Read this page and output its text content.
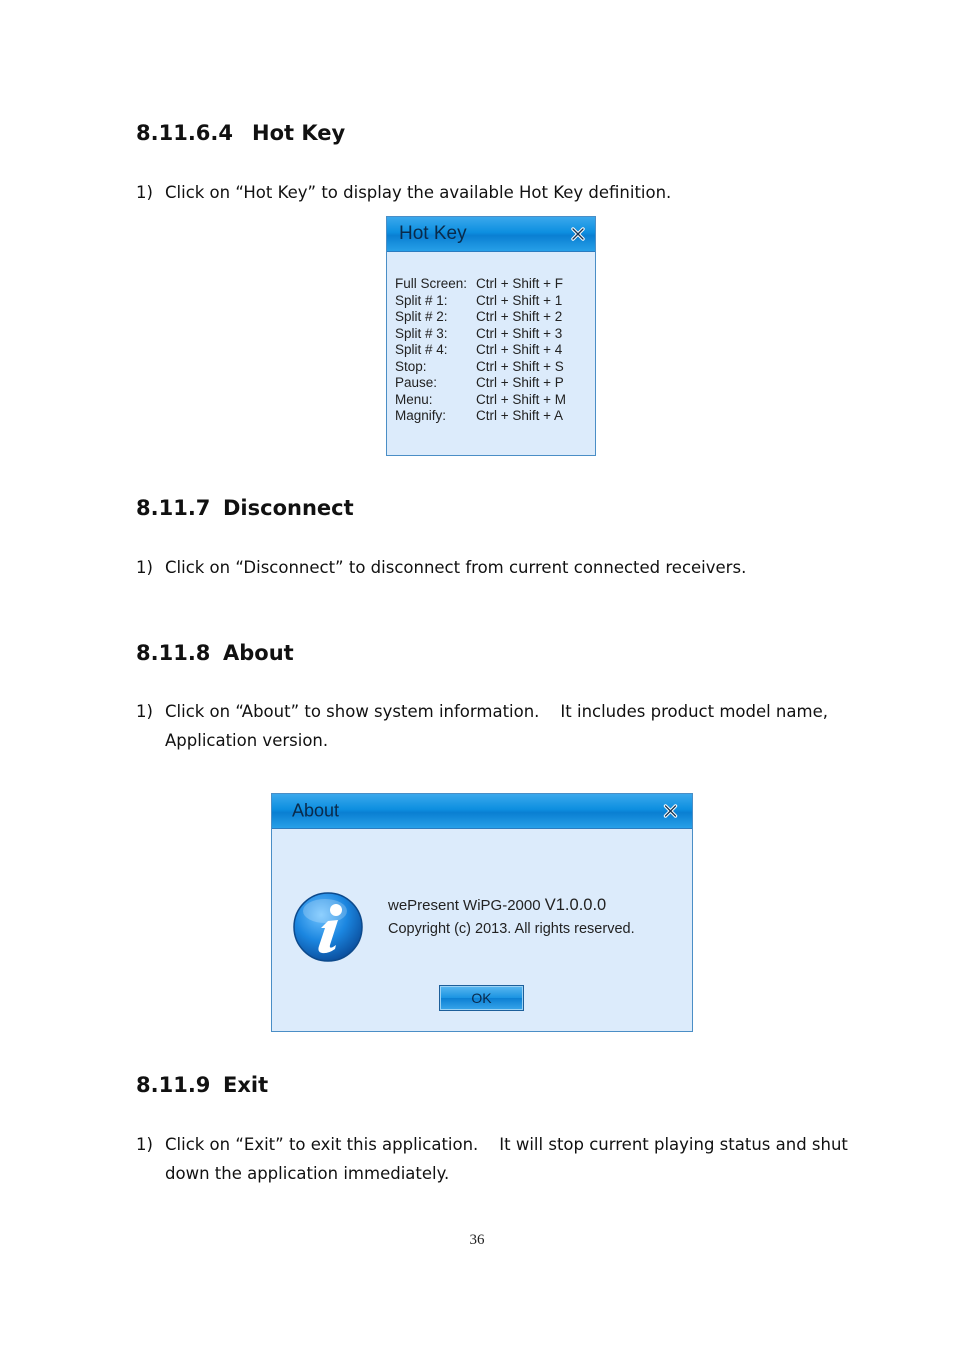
8.11.6.4 Hot Key
1) Click on “Hot Key” to display the available Hot Key definition.
Hot Key
Full Screen: Ctrl + Shift + F
Split # 1: Ctrl + Shift + 1
Split # 2: Ctrl + Shift + 2
Split # 3: Ctrl + Shift + 3
Split # 4: Ctrl + Shift + 4
Stop:	Ctrl + Shift + S
Pause:	Ctrl + Shift + P
Menu:	Ctrl + Shift + M
Magnify: Ctrl + Shift + A
8.11.7 Disconnect
1) Click on “Disconnect” to disconnect from current connected receivers.
8.11.8 About
1) Click on “About” to show system information.    It includes product model name,
Application version.
About
wePresent WiPG-2000 V1.0.0.0
Copyright (c) 2013. All rights reserved.
OK
8.11.9 Exit
1) Click on “Exit” to exit this application.    It will stop current playing status and shut
down the application immediately.
36
